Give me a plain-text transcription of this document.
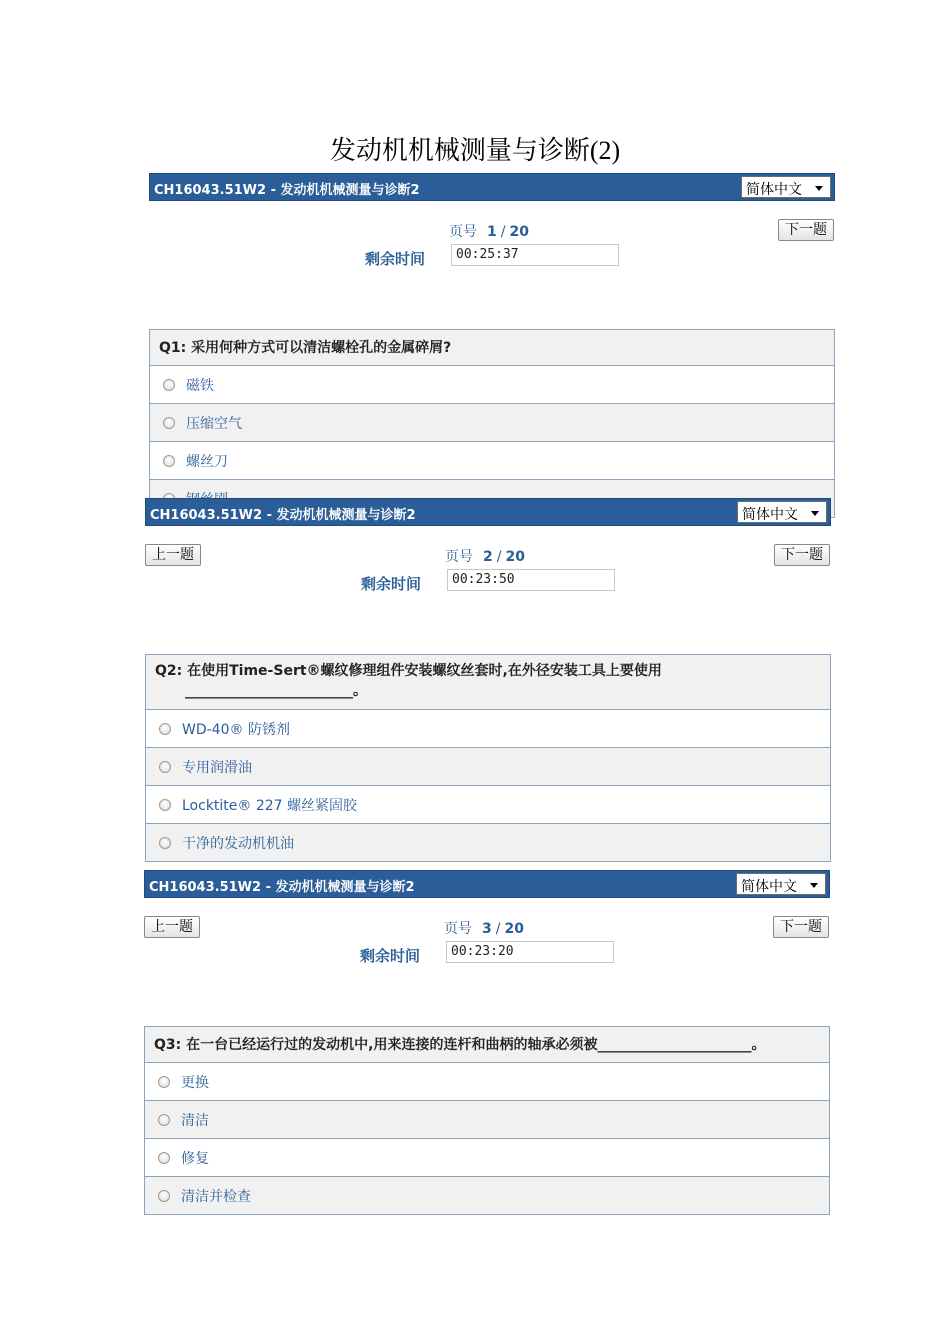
发动机机械测量与诊断(2)
CH16043.51W2 - 发动机机械测量与诊断2	简体中文
下一题
页号 1 / 20
剩余时间	00:25:37
Q1: 采用何种方式可以清洁螺栓孔的金属碎屑?
磁铁
压缩空气
螺丝刀
CH16043.51W2 - 发动机机械测量与诊断2	简体中文
上一题	下一题
页号 2 / 20
剩余时间	00:23:50
Q2: 在使用Time-Sert®螺纹修理组件安装螺纹丝套时,在外径安装工具上要使用
________________________。
WD-40® 防锈剂
专用润滑油
Locktite® 227 螺丝紧固胶
干净的发动机机油
CH16043.51W2 - 发动机机械测量与诊断2	简体中文
上一题	下一题
页号 3 / 20
剩余时间	00:23:20
Q3: 在一台已经运行过的发动机中,用来连接的连杆和曲柄的轴承必须被______________________。
更换
清洁
修复
清洁并检查
